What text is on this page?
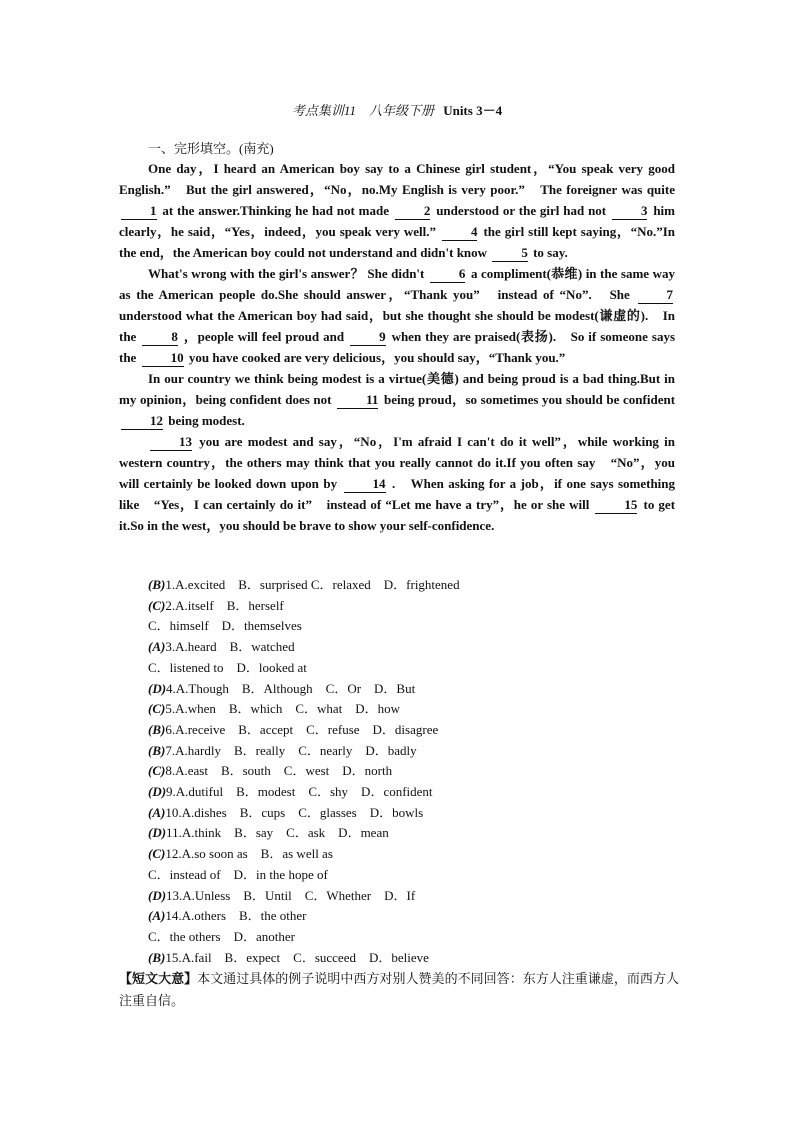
考点集训11　八年级下册 Units 3－4
一、完形填空。(南充)

One day，I heard an American boy say to a Chinese girl student，“You speak very good English.”　But the girl answered，“No，no.My English is very poor.”　The foreigner was quite 1 at the answer.Thinking he had not made	2 understood or the girl had not	3 him clearly，he said，“Yes，indeed，you speak very well.”	4 the girl still kept saying，“No.”In the end，the American boy could not understand and didn't know	5 to say.

What's wrong with the girl's answer？ She didn't	6 a compliment(恭维) in the same way as the American people do.She should answer，“Thank you”　instead of “No”.　She	7 understood what the American boy had said，but she thought she should be modest(谦虚的).　In the	8 ，people will feel proud and	9 when they are praised(表扬).　So if someone says the	10 you have cooked are very delicious，you should say，“Thank you.”

In our country we think being modest is a virtue(美德) and being proud is a bad thing.But in my opinion，being confident does not	11 being proud，so sometimes you should be confident 12 being modest.

13 you are modest and say，“No，I'm afraid I can't do it well”，while working in western country，the others may think that you really cannot do it.If you often say　“No”，you will certainly be looked down upon by	14 .　When asking for a job，if one says something like　“Yes，I can certainly do it”　instead of “Let me have a try”，he or she will	15 to get it.So in the west，you should be brave to show your self-confidence.

(B)1.A.excited　B．surprised C．relaxed　D．frightened
(C)2.A.itself　B．herself
C．himself　D．themselves
(A)3.A.heard　B．watched
C．listened to　D．looked at
(D)4.A.Though　B．Although　C．Or　D．But
(C)5.A.when　B．which　C．what　D．how
(B)6.A.receive　B．accept　C．refuse　D．disagree
(B)7.A.hardly　B．really　C．nearly　D．badly
(C)8.A.east　B．south　C．west　D．north
(D)9.A.dutiful　B．modest　C．shy　D．confident
(A)10.A.dishes　B．cups　C．glasses　D．bowls
(D)11.A.think　B．say　C．ask　D．mean
(C)12.A.so soon as　B．as well as
C．instead of　D．in the hope of
(D)13.A.Unless　B．Until　C．Whether　D．If
(A)14.A.others　B．the other
C．the others　D．another
(B)15.A.fail　B．expect　C．succeed　D．believe
【短文大意】本文通过具体的例子说明中西方对别人赞美的不同回答：东方人注重谦虚，而西方人注重自信。
